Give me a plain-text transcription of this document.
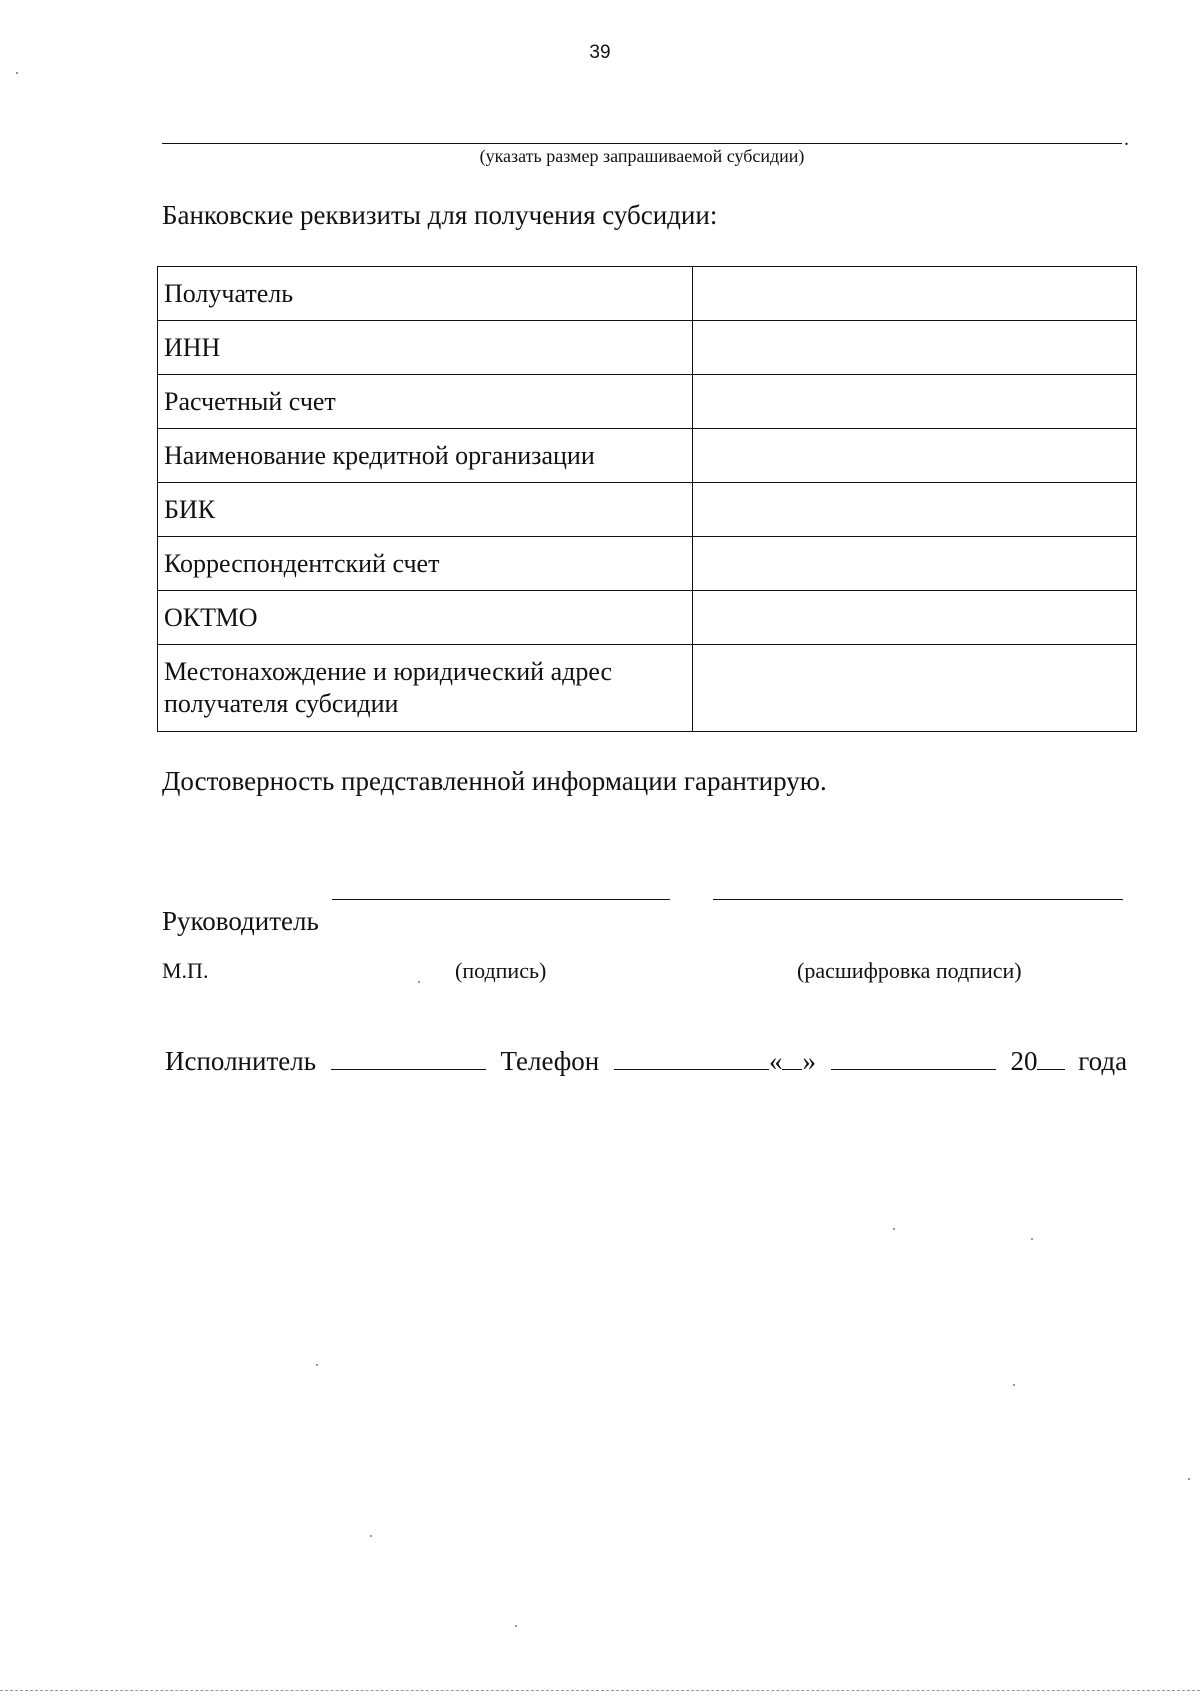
39
.
(указать размер запрашиваемой субсидии)
Банковские реквизиты для получения субсидии:
Получатель	
ИНН	
Расчетный счет	
Наименование кредитной организации	
БИК	
Корреспондентский счет	
ОКТМО	
Местонахождение и юридический адрес получателя субсидии	
Достоверность представленной информации гарантирую.
Руководитель
М.П.	(подпись)	(расшифровка подписи)
Исполнитель	Телефон	« »	20 года
